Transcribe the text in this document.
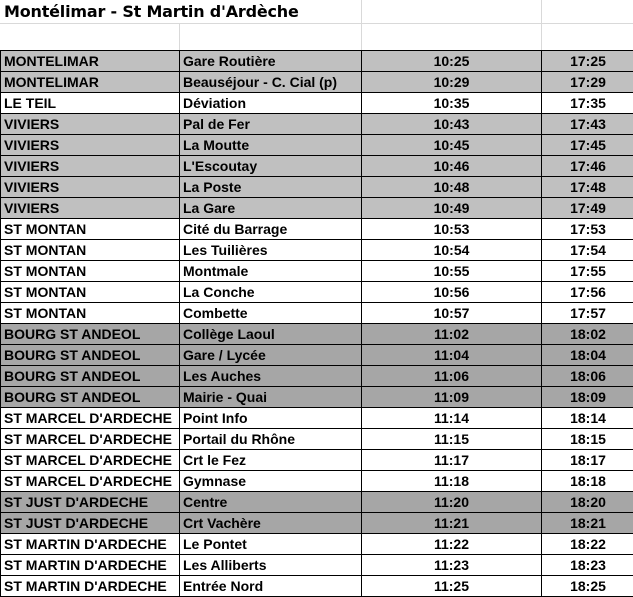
Montélimar - St Martin d'Ardèche
MONTELIMAR	Gare Routière	10:25	17:25
MONTELIMAR	Beauséjour - C. Cial (p)	10:29	17:29
LE TEIL	Déviation	10:35	17:35
VIVIERS	Pal de Fer	10:43	17:43
VIVIERS	La Moutte	10:45	17:45
VIVIERS	L'Escoutay	10:46	17:46
VIVIERS	La Poste	10:48	17:48
VIVIERS	La Gare	10:49	17:49
ST MONTAN	Cité du Barrage	10:53	17:53
ST MONTAN	Les Tuilières	10:54	17:54
ST MONTAN	Montmale	10:55	17:55
ST MONTAN	La Conche	10:56	17:56
ST MONTAN	Combette	10:57	17:57
BOURG ST ANDEOL	Collège Laoul	11:02	18:02
BOURG ST ANDEOL	Gare / Lycée	11:04	18:04
BOURG ST ANDEOL	Les Auches	11:06	18:06
BOURG ST ANDEOL	Mairie - Quai	11:09	18:09
ST MARCEL D'ARDECHE	Point Info	11:14	18:14
ST MARCEL D'ARDECHE	Portail du Rhône	11:15	18:15
ST MARCEL D'ARDECHE	Crt le Fez	11:17	18:17
ST MARCEL D'ARDECHE	Gymnase	11:18	18:18
ST JUST D'ARDECHE	Centre	11:20	18:20
ST JUST D'ARDECHE	Crt Vachère	11:21	18:21
ST MARTIN D'ARDECHE	Le Pontet	11:22	18:22
ST MARTIN D'ARDECHE	Les Alliberts	11:23	18:23
ST MARTIN D'ARDECHE	Entrée Nord	11:25	18:25
